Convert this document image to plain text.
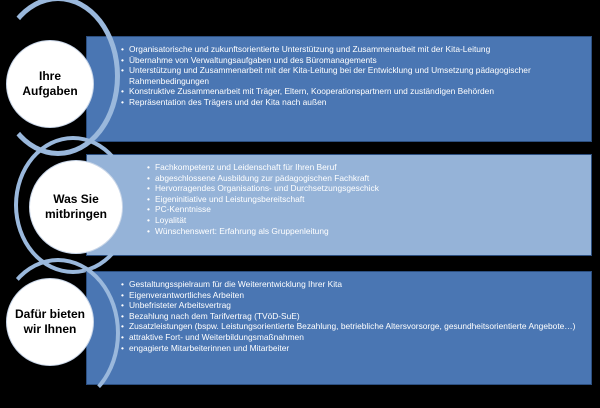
• Organisatorische und zukunftsorientierte Unterstützung und Zusammenarbeit mit der Kita-Leitung
• Übernahme von Verwaltungsaufgaben und des Büromanagements
• Unterstützung und Zusammenarbeit mit der Kita-Leitung bei der Entwicklung und Umsetzung pädagogischer Rahmenbedingungen
• Konstruktive Zusammenarbeit mit Träger, Eltern, Kooperationspartnern und zuständigen Behörden
• Repräsentation des Trägers und der Kita nach außen
Ihre
Aufgaben
• Fachkompetenz und Leidenschaft für Ihren Beruf
• abgeschlossene Ausbildung zur pädagogischen Fachkraft
• Hervorragendes Organisations- und Durchsetzungsgeschick
• Eigeninitiative und Leistungsbereitschaft
• PC-Kenntnisse
• Loyalität
• Wünschenswert: Erfahrung als Gruppenleitung
Was Sie
mitbringen
• Gestaltungsspielraum für die Weiterentwicklung Ihrer Kita
• Eigenverantwortliches Arbeiten
• Unbefristeter Arbeitsvertrag
• Bezahlung nach dem Tarifvertrag (TVöD-SuE)
• Zusatzleistungen (bspw. Leistungsorientierte Bezahlung, betriebliche Altersvorsorge, gesundheitsorientierte Angebote…)
• attraktive Fort- und Weiterbildungsmaßnahmen
• engagierte Mitarbeiterinnen und Mitarbeiter
Dafür bieten
wir Ihnen
